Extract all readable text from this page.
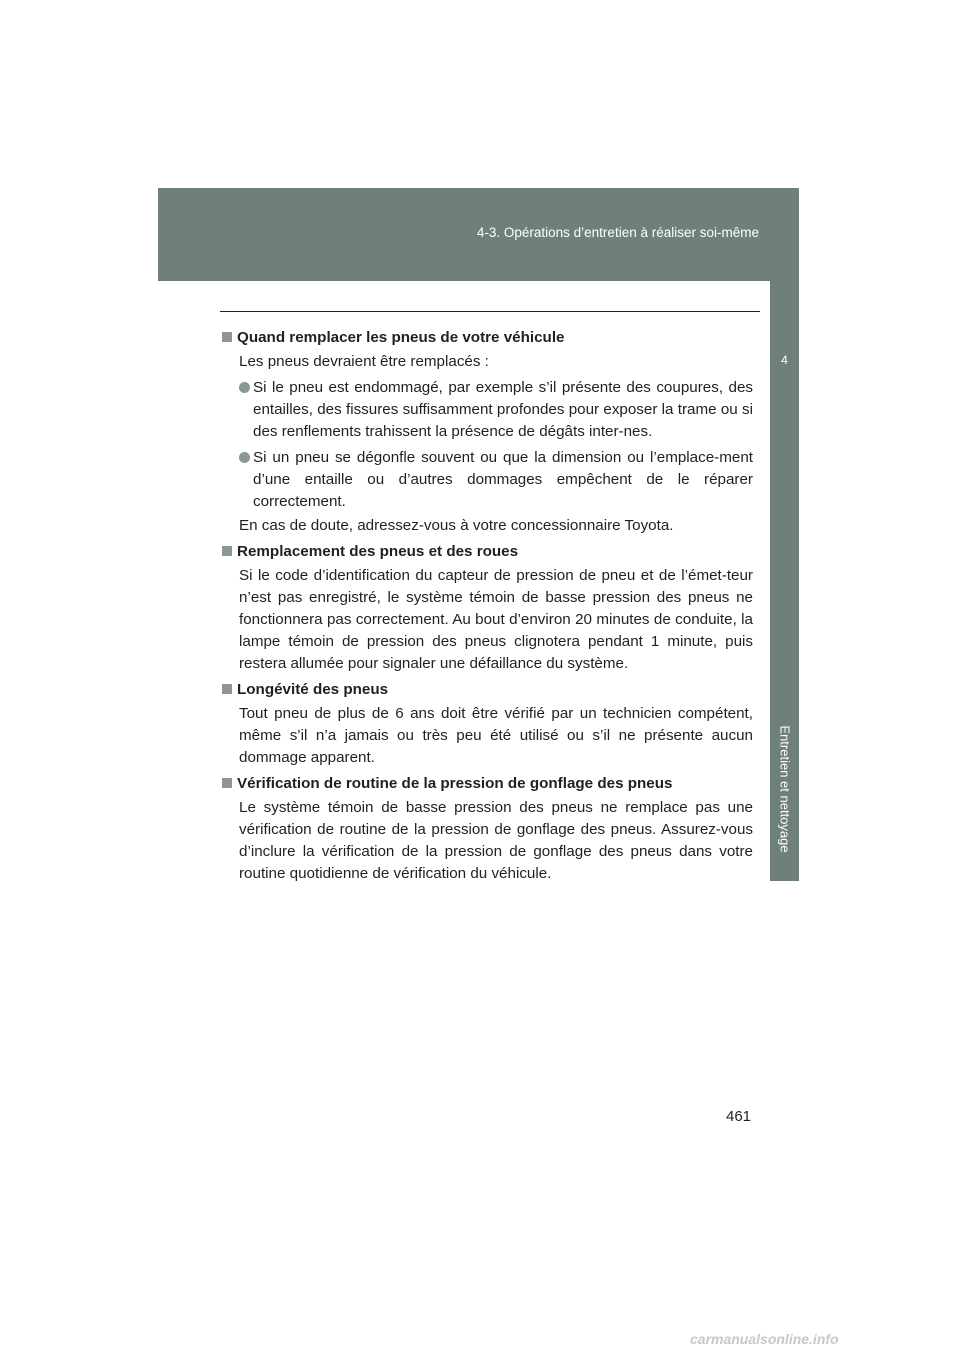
4-3. Opérations d’entretien à réaliser soi-même
4
Entretien et nettoyage
Quand remplacer les pneus de votre véhicule
Les pneus devraient être remplacés :
Si le pneu est endommagé, par exemple s’il présente des coupures, des entailles, des fissures suffisamment profondes pour exposer la trame ou si des renflements trahissent la présence de dégâts inter-nes.
Si un pneu se dégonfle souvent ou que la dimension ou l’emplace-ment d’une entaille ou d’autres dommages empêchent de le réparer correctement.
En cas de doute, adressez-vous à votre concessionnaire Toyota.
Remplacement des pneus et des roues
Si le code d’identification du capteur de pression de pneu et de l’émet-teur n’est pas enregistré, le système témoin de basse pression des pneus ne fonctionnera pas correctement. Au bout d’environ 20 minutes de conduite, la lampe témoin de pression des pneus clignotera pendant 1 minute, puis restera allumée pour signaler une défaillance du système.
Longévité des pneus
Tout pneu de plus de 6 ans doit être vérifié par un technicien compétent, même s’il n’a jamais ou très peu été utilisé ou s’il ne présente aucun dommage apparent.
Vérification de routine de la pression de gonflage des pneus
Le système témoin de basse pression des pneus ne remplace pas une vérification de routine de la pression de gonflage des pneus. Assurez-vous d’inclure la vérification de la pression de gonflage des pneus dans votre routine quotidienne de vérification du véhicule.
461
carmanualsonline.info
